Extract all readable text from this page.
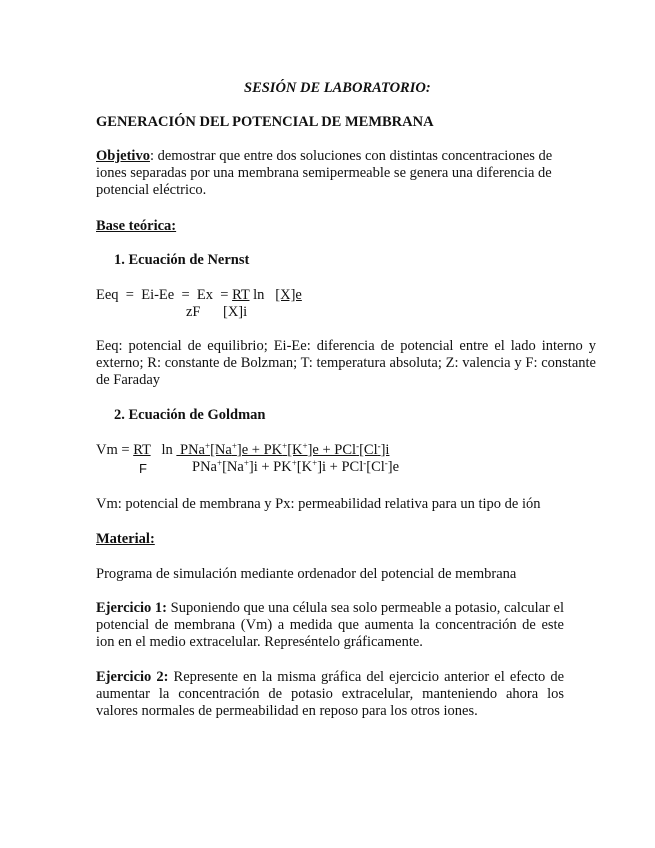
SESIÓN DE LABORATORIO:
GENERACIÓN DEL POTENCIAL DE MEMBRANA
Objetivo: demostrar que entre dos soluciones con distintas concentraciones de iones separadas por una membrana semipermeable se genera una diferencia de potencial eléctrico.
Base teórica:
1. Ecuación de Nernst
Eeq  =  Ei-Ee  =  Ex  = RT ln [X]e
zF [X]i
Eeq: potencial de equilibrio; Ei-Ee: diferencia de potencial entre el lado interno y externo; R: constante de Bolzman; T: temperatura absoluta; Z: valencia y F: constante de Faraday
2. Ecuación de Goldman
Vm = RT ln PNa+[Na+]e + PK+[K+]e + PCl-[Cl-]i
F	PNa+[Na+]i + PK+[K+]i + PCl-[Cl-]e
Vm: potencial de membrana y Px: permeabilidad relativa para un tipo de ión
Material:
Programa de simulación mediante ordenador del potencial de membrana
Ejercicio 1: Suponiendo que una célula sea solo permeable a potasio, calcular el potencial de membrana (Vm) a medida que aumenta la concentración de este ion en el medio extracelular. Represéntelo gráficamente.
Ejercicio 2: Represente en la misma gráfica del ejercicio anterior el efecto de aumentar la concentración de potasio extracelular, manteniendo ahora los valores normales de permeabilidad en reposo para los otros iones.
